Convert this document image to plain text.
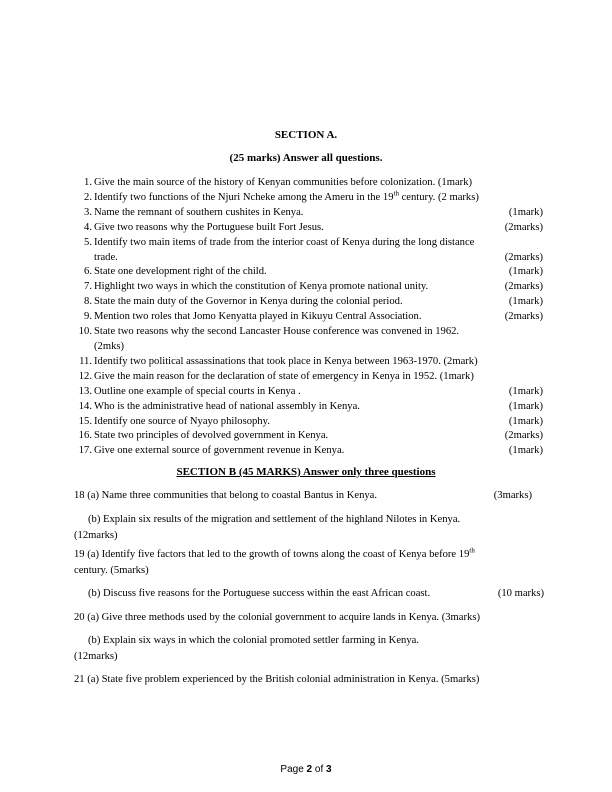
SECTION A.
(25 marks) Answer all questions.
1. Give the main source of the history of Kenyan communities before colonization. (1mark)
2. Identify two functions of the Njuri Ncheke among the Ameru in the 19th century. (2 marks)
3. Name the remnant of southern cushites in Kenya.	(1mark)
4. Give two reasons why the Portuguese built Fort Jesus.	(2marks)
5. Identify two main items of trade from the interior coast of Kenya during the long distance
trade.	(2marks)
6. State one development right of the child.	(1mark)
7. Highlight two ways in which the constitution of Kenya promote national unity.	(2marks)
8. State the main duty of the Governor in Kenya during the colonial period.	(1mark)
9. Mention two roles that Jomo Kenyatta played in Kikuyu Central Association.	(2marks)
10. State two reasons why the second Lancaster House conference was convened in 1962.
(2mks)
11. Identify two political assassinations that took place in Kenya between 1963-1970. (2mark)
12. Give the main reason for the declaration of state of emergency in Kenya in 1952. (1mark)
13. Outline one example of special courts in Kenya .	(1mark)
14. Who is the administrative head of national assembly in Kenya.	(1mark)
15. Identify one source of Nyayo philosophy.	(1mark)
16. State two principles of devolved government in Kenya.	(2marks)
17. Give one external source of government revenue in Kenya.	(1mark)
SECTION B (45 MARKS) Answer only three questions
18 (a) Name three communities that belong to coastal Bantus in Kenya.	(3marks)
(b) Explain six results of the migration and settlement of the highland Nilotes in Kenya.
(12marks)
19 (a) Identify five factors that led to the growth of towns along the coast of Kenya before 19th
century. (5marks)
(b) Discuss five reasons for the Portuguese success within the east African coast.	(10 marks)
20 (a) Give three methods used by the colonial government to acquire lands in Kenya. (3marks)
(b) Explain six ways in which the colonial promoted settler farming in Kenya.
(12marks)
21 (a) State five problem experienced by the British colonial administration in Kenya. (5marks)
Page 2 of 3
